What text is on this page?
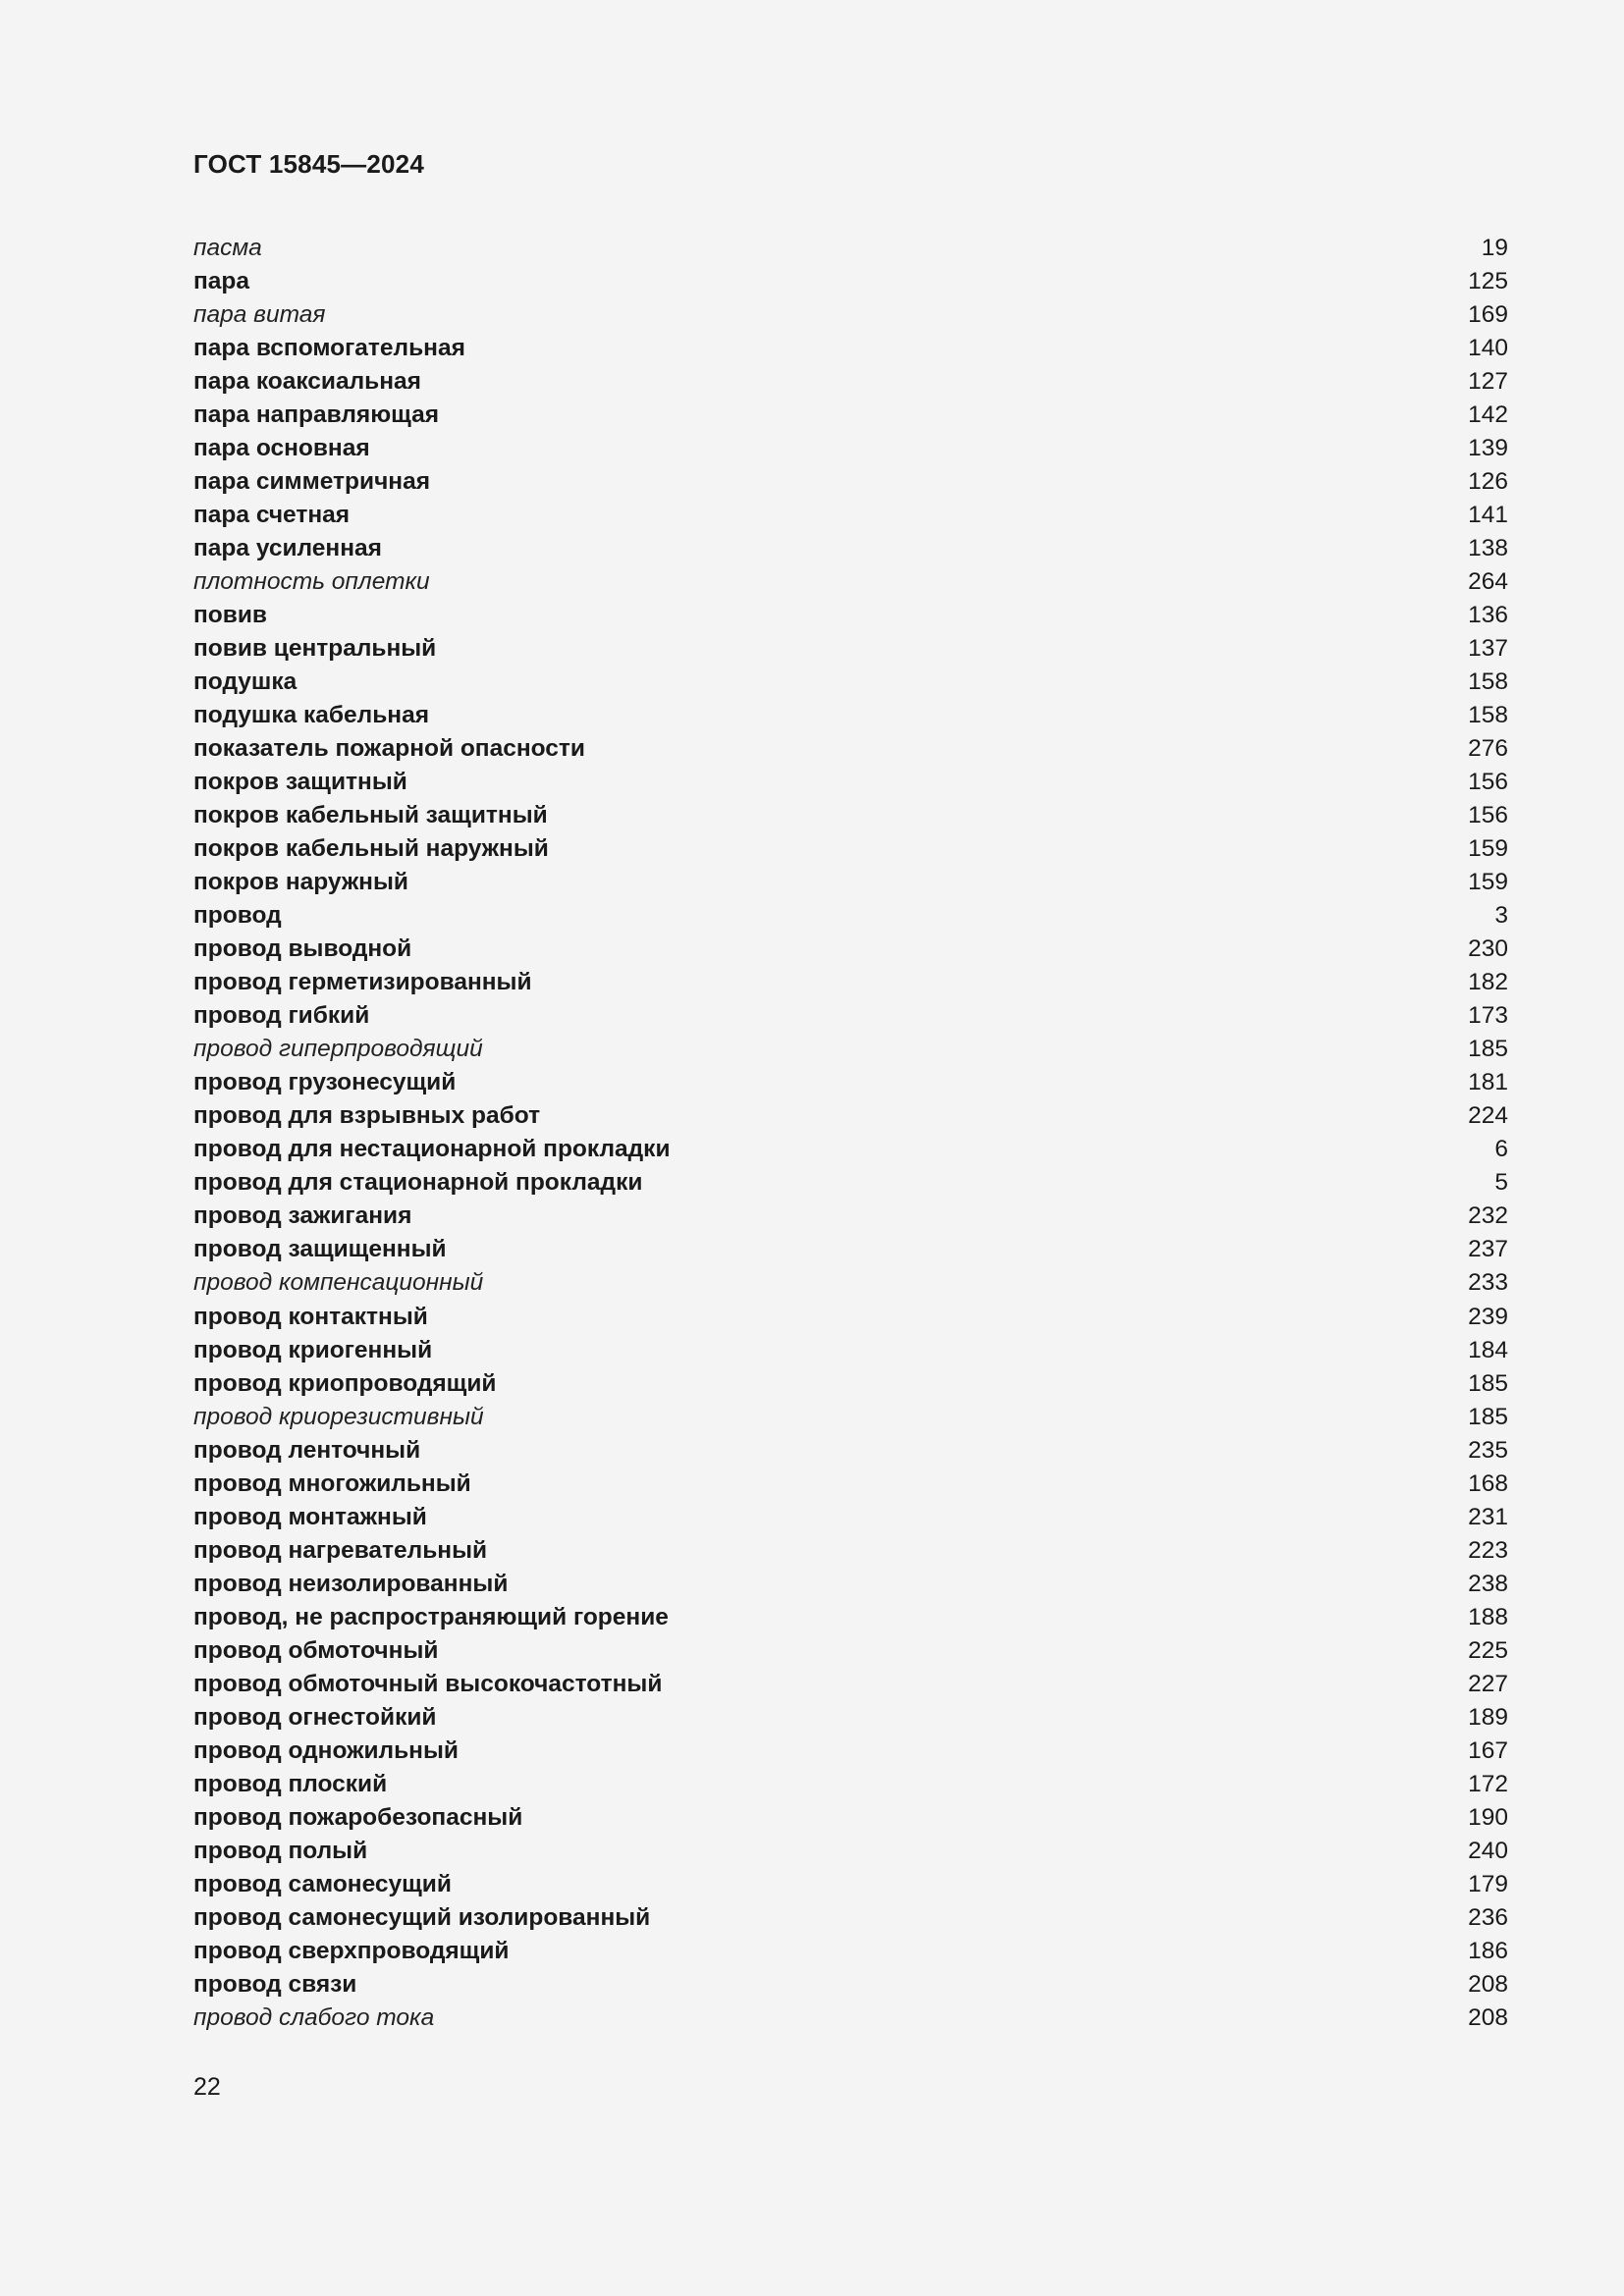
ГОСТ 15845—2024
пасма	19
пара	125
пара витая	169
пара вспомогательная	140
пара коаксиальная	127
пара направляющая	142
пара основная	139
пара симметричная	126
пара счетная	141
пара усиленная	138
плотность оплетки	264
повив	136
повив центральный	137
подушка	158
подушка кабельная	158
показатель пожарной опасности	276
покров защитный	156
покров кабельный защитный	156
покров кабельный наружный	159
покров наружный	159
провод	3
провод выводной	230
провод герметизированный	182
провод гибкий	173
провод гиперпроводящий	185
провод грузонесущий	181
провод для взрывных работ	224
провод для нестационарной прокладки	6
провод для стационарной прокладки	5
провод зажигания	232
провод защищенный	237
провод компенсационный	233
провод контактный	239
провод криогенный	184
провод криопроводящий	185
провод криорезистивный	185
провод ленточный	235
провод многожильный	168
провод монтажный	231
провод нагревательный	223
провод неизолированный	238
провод, не распространяющий горение	188
провод обмоточный	225
провод обмоточный высокочастотный	227
провод огнестойкий	189
провод одножильный	167
провод плоский	172
провод пожаробезопасный	190
провод полый	240
провод самонесущий	179
провод самонесущий изолированный	236
провод сверхпроводящий	186
провод связи	208
провод слабого тока	208
22
